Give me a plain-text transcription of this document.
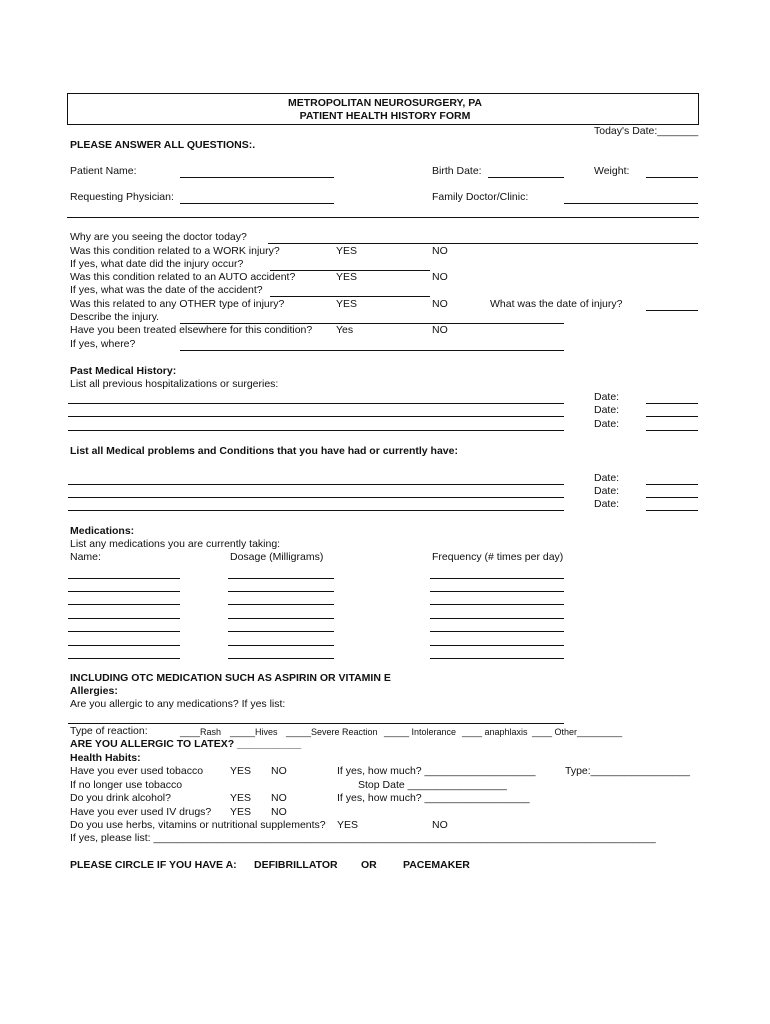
METROPOLITAN NEUROSURGERY, PA
PATIENT HEALTH HISTORY FORM
Today's Date:_______
PLEASE ANSWER ALL QUESTIONS:.
Patient Name:	Birth Date:	Weight:
Requesting Physician:	Family Doctor/Clinic:
Why are you seeing the doctor today?
Was this condition related to a WORK injury?	YES	NO
If yes, what date did the injury occur?
Was this condition related to an AUTO accident?	YES	NO
If yes, what was the date of the accident?
Was this related to any OTHER type of injury?	YES	NO	What was the date of injury?
Describe the injury.
Have you been treated elsewhere for this condition? Yes	NO
If yes, where?
Past Medical History:
List all previous hospitalizations or surgeries:
Date:
Date:
Date:
List all Medical problems and Conditions that you have had or currently have:
Date:
Date:
Date:
Medications:
List any medications you are currently taking:
Name:	Dosage (Milligrams)	Frequency (# times per day)
INCLUDING OTC MEDICATION SUCH AS ASPIRIN OR VITAMIN E
Allergies:
Are you allergic to any medications? If yes list:
Type of reaction:	____Rash _____Hives _____Severe Reaction _____ Intolerance ____ anaphlaxis ____ Other_________
ARE YOU ALLERGIC TO LATEX? ___________
Health Habits:
Have you ever used tobacco	YES NO	If yes, how much? ___________________	Type:_________________
If no longer use tobacco	Stop Date _________________
Do you drink alcohol?	YES NO	If yes, how much? __________________
Have you ever used IV drugs? YES NO
Do you use herbs, vitamins or nutritional supplements? YES	NO
If yes, please list: ______________________________________________________________________________________
PLEASE CIRCLE IF YOU HAVE A: DEFIBRILLATOR OR	PACEMAKER
